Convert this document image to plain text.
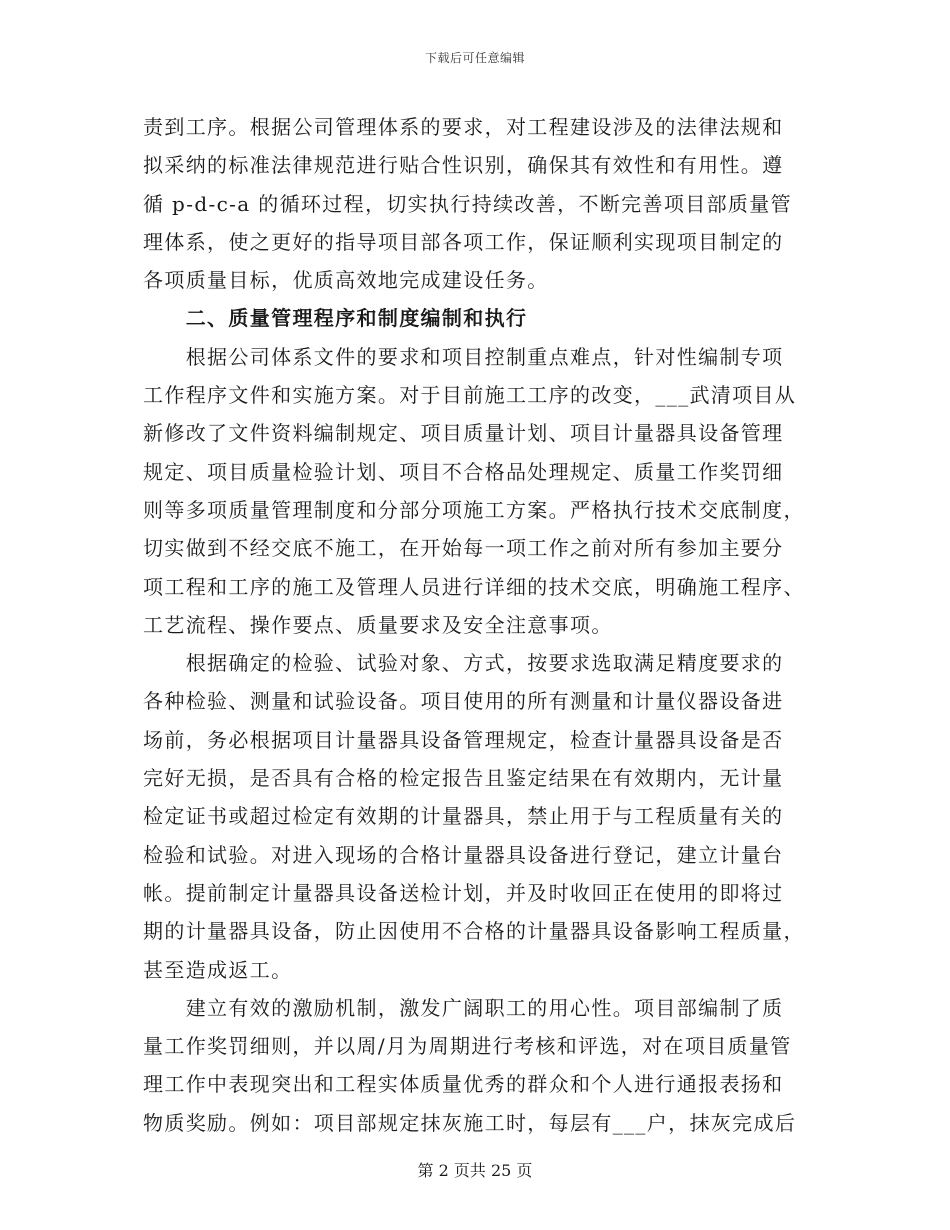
下载后可任意编辑
责到工序。根据公司管理体系的要求，对工程建设涉及的法律法规和
拟采纳的标准法律规范进行贴合性识别，确保其有效性和有用性。遵
循 p-d-c-a 的循环过程，切实执行持续改善，不断完善项目部质量管
理体系，使之更好的指导项目部各项工作，保证顺利实现项目制定的
各项质量目标，优质高效地完成建设任务。
　　二、质量管理程序和制度编制和执行
　　根据公司体系文件的要求和项目控制重点难点，针对性编制专项
工作程序文件和实施方案。对于目前施工工序的改变，___武清项目从
新修改了文件资料编制规定、项目质量计划、项目计量器具设备管理
规定、项目质量检验计划、项目不合格品处理规定、质量工作奖罚细
则等多项质量管理制度和分部分项施工方案。严格执行技术交底制度，
切实做到不经交底不施工，在开始每一项工作之前对所有参加主要分
项工程和工序的施工及管理人员进行详细的技术交底，明确施工程序、
工艺流程、操作要点、质量要求及安全注意事项。
　　根据确定的检验、试验对象、方式，按要求选取满足精度要求的
各种检验、测量和试验设备。项目使用的所有测量和计量仪器设备进
场前，务必根据项目计量器具设备管理规定，检查计量器具设备是否
完好无损，是否具有合格的检定报告且鉴定结果在有效期内，无计量
检定证书或超过检定有效期的计量器具，禁止用于与工程质量有关的
检验和试验。对进入现场的合格计量器具设备进行登记，建立计量台
帐。提前制定计量器具设备送检计划，并及时收回正在使用的即将过
期的计量器具设备，防止因使用不合格的计量器具设备影响工程质量，
甚至造成返工。
　　建立有效的激励机制，激发广阔职工的用心性。项目部编制了质
量工作奖罚细则，并以周/月为周期进行考核和评选，对在项目质量管
理工作中表现突出和工程实体质量优秀的群众和个人进行通报表扬和
物质奖励。例如：项目部规定抹灰施工时，每层有___户，抹灰完成后
第 2 页共 25 页
